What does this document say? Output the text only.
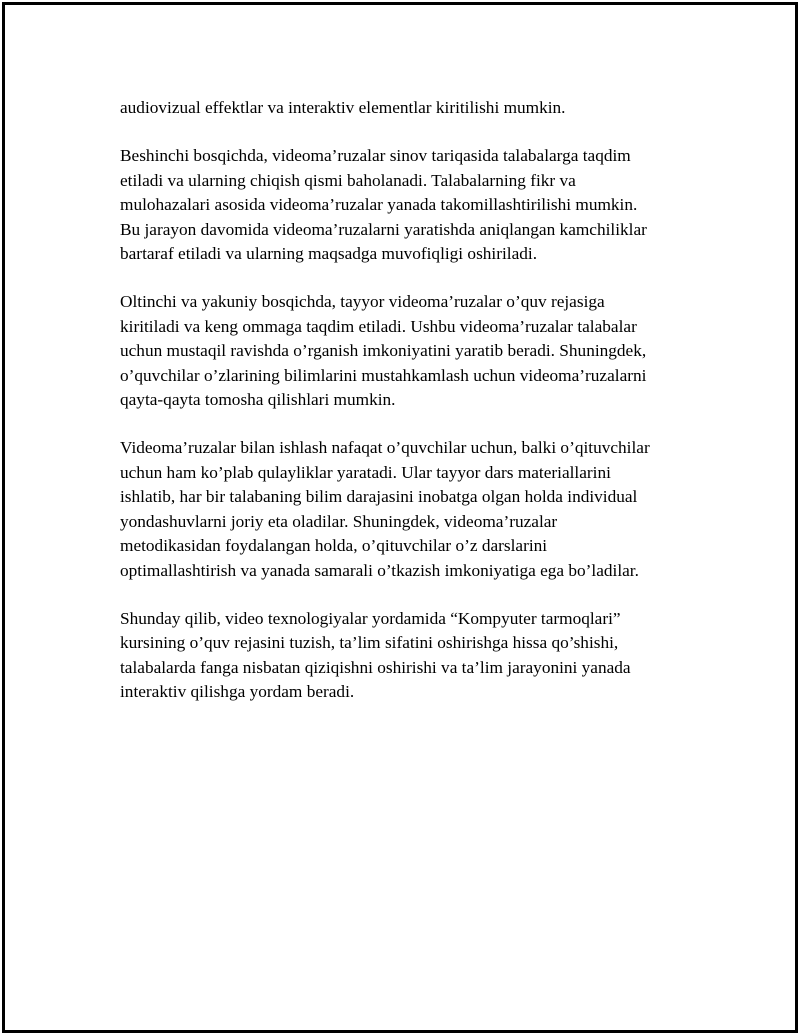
audiovizual effektlar va interaktiv elementlar kiritilishi mumkin.

Beshinchi bosqichda, videoma’ruzalar sinov tariqasida talabalarga taqdim
etiladi va ularning chiqish qismi baholanadi. Talabalarning fikr va
mulohazalari asosida videoma’ruzalar yanada takomillashtirilishi mumkin.
Bu jarayon davomida videoma’ruzalarni yaratishda aniqlangan kamchiliklar
bartaraf etiladi va ularning maqsadga muvofiqligi oshiriladi.

Oltinchi va yakuniy bosqichda, tayyor videoma’ruzalar o’quv rejasiga
kiritiladi va keng ommaga taqdim etiladi. Ushbu videoma’ruzalar talabalar
uchun mustaqil ravishda o’rganish imkoniyatini yaratib beradi. Shuningdek,
o’quvchilar o’zlarining bilimlarini mustahkamlash uchun videoma’ruzalarni
qayta-qayta tomosha qilishlari mumkin.

Videoma’ruzalar bilan ishlash nafaqat o’quvchilar uchun, balki o’qituvchilar
uchun ham ko’plab qulayliklar yaratadi. Ular tayyor dars materiallarini
ishlatib, har bir talabaning bilim darajasini inobatga olgan holda individual
yondashuvlarni joriy eta oladilar. Shuningdek, videoma’ruzalar
metodikasidan foydalangan holda, o’qituvchilar o’z darslarini
optimallashtirish va yanada samarali o’tkazish imkoniyatiga ega bo’ladilar.

Shunday qilib, video texnologiyalar yordamida “Kompyuter tarmoqlari”
kursining o’quv rejasini tuzish, ta’lim sifatini oshirishga hissa qo’shishi,
talabalarda fanga nisbatan qiziqishni oshirishi va ta’lim jarayonini yanada
interaktiv qilishga yordam beradi.
